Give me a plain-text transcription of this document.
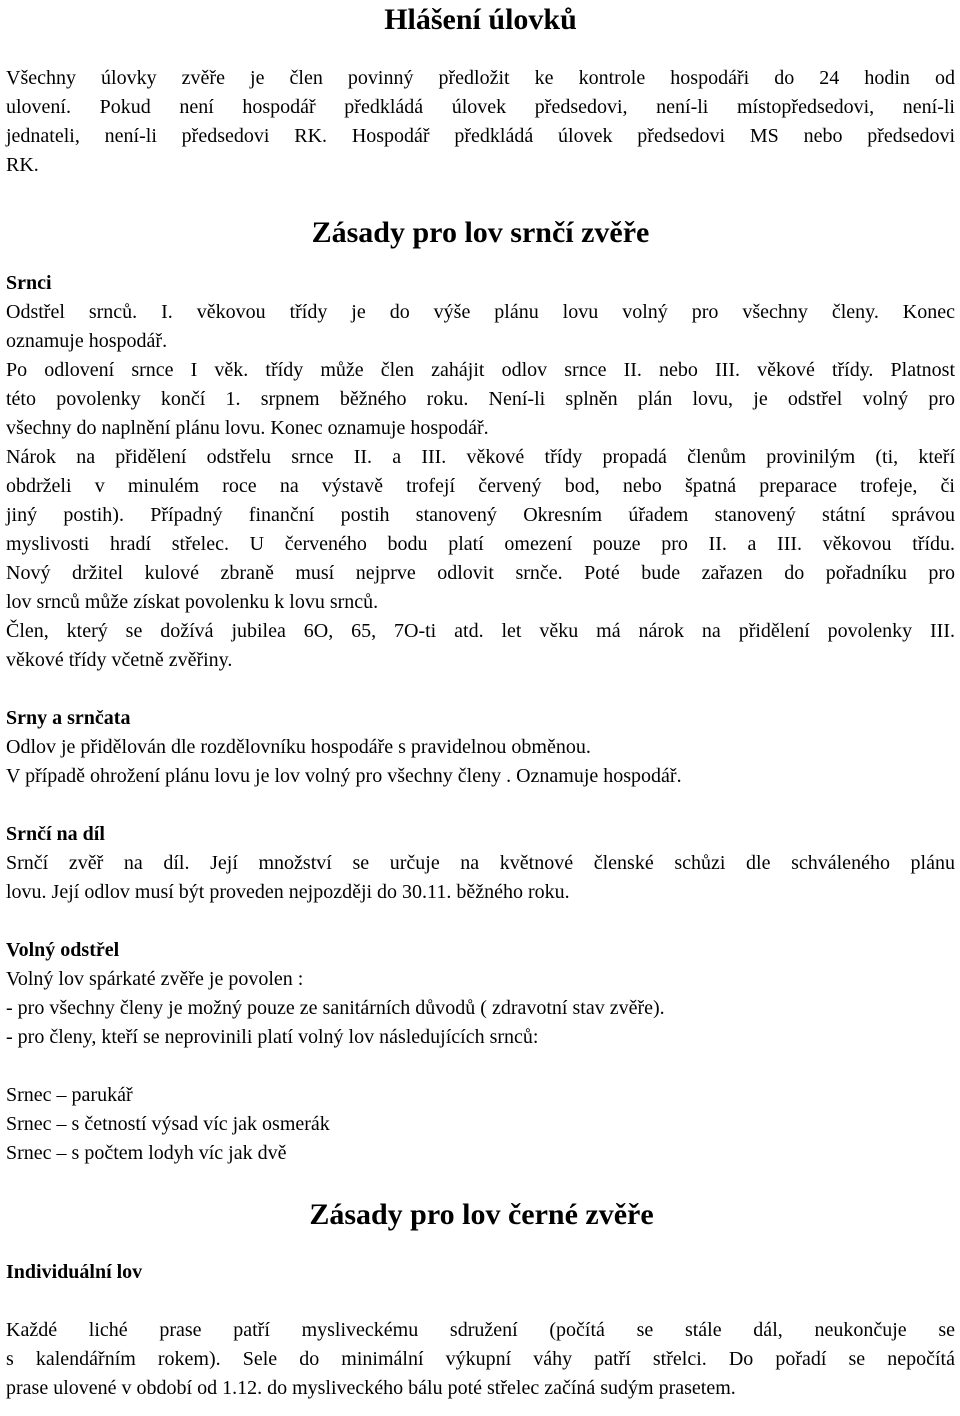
Hlášení úlovků

Všechny úlovky zvěře je člen povinný předložit ke kontrole hospodáři do 24 hodin od

ulovení. Pokud není hospodář předkládá úlovek předsedovi, není-li místopředsedovi, není-li

jednateli, není-li předsedovi RK. Hospodář předkládá úlovek předsedovi MS nebo předsedovi

RK.

Zásady pro lov srnčí zvěře
Srnci

Odstřel srnců. I. věkovou třídy je do výše plánu lovu volný pro všechny členy. Konec

oznamuje hospodář.

Po odlovení srnce I věk. třídy může člen zahájit odlov srnce II. nebo III. věkové třídy. Platnost

této povolenky končí 1. srpnem běžného roku. Není-li splněn plán lovu, je odstřel volný pro

všechny do naplnění plánu lovu. Konec oznamuje hospodář.

Nárok na přidělení odstřelu srnce II. a III. věkové třídy propadá členům provinilým (ti, kteří

obdrželi v minulém roce na výstavě trofejí červený bod, nebo špatná preparace trofeje, či

jiný postih). Případný finanční postih stanovený Okresním úřadem stanovený státní správou

myslivosti hradí střelec. U červeného bodu platí omezení pouze pro II. a III. věkovou třídu.

Nový držitel kulové zbraně musí nejprve odlovit srnče. Poté bude zařazen do pořadníku pro

lov srnců může získat povolenku k lovu srnců.

Člen, který se dožívá jubilea 6O, 65, 7O-ti atd. let věku má nárok na přidělení povolenky III.

věkové třídy včetně zvěřiny.

Srny a srnčata

Odlov je přidělován dle rozdělovníku hospodáře s pravidelnou obměnou.

V případě ohrožení plánu lovu je lov volný pro všechny členy . Oznamuje hospodář.

Srnčí na díl

Srnčí zvěř na díl. Její množství se určuje na květnové členské schůzi dle schváleného plánu

lovu. Její odlov musí být proveden nejpozději do 30.11. běžného roku.

Volný odstřel

Volný lov spárkaté zvěře je povolen :

- pro všechny členy je možný pouze ze sanitárních důvodů ( zdravotní stav zvěře).

- pro členy, kteří se neprovinili platí volný lov následujících srnců:

Srnec – parukář

Srnec – s četností výsad víc jak osmerák

Srnec – s počtem lodyh víc jak dvě

Zásady pro lov černé zvěře
Individuální lov

Každé liché prase patří mysliveckému sdružení (počítá se stále dál, neukončuje se

s kalendářním rokem). Sele do minimální výkupní váhy patří střelci. Do pořadí se nepočítá

prase ulovené v období od 1.12. do mysliveckého bálu poté střelec začíná sudým prasetem.
